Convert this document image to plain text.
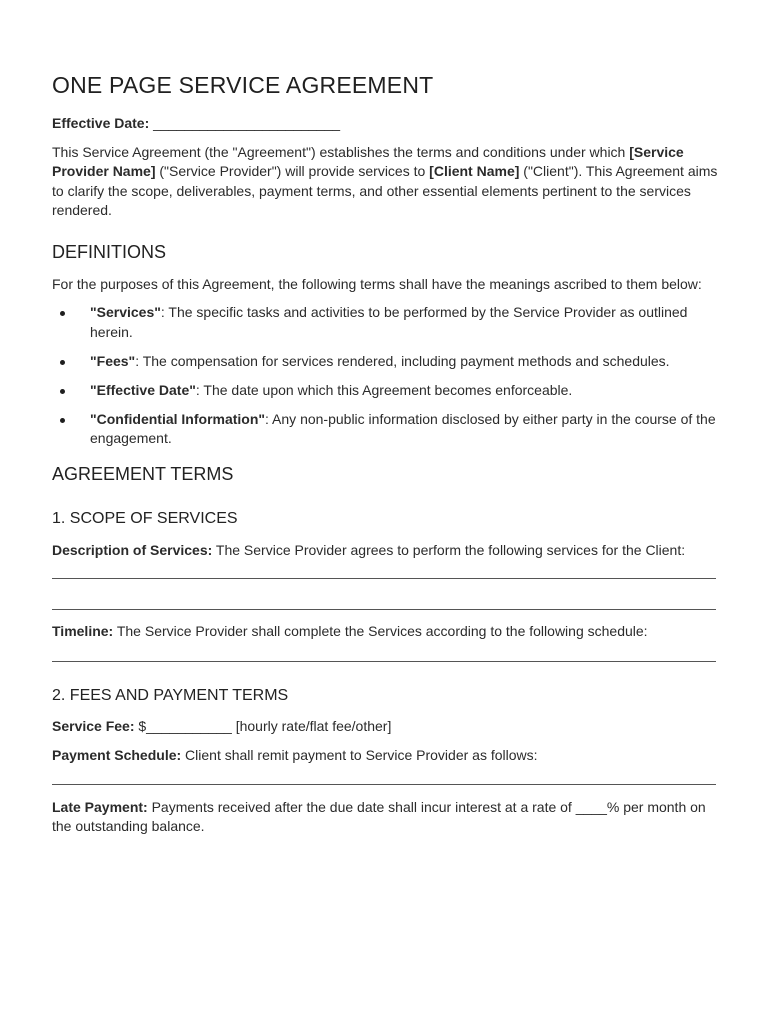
ONE PAGE SERVICE AGREEMENT

Effective Date: ________________________

This Service Agreement (the "Agreement") establishes the terms and conditions under which [Service Provider Name] ("Service Provider") will provide services to [Client Name] ("Client"). This Agreement aims to clarify the scope, deliverables, payment terms, and other essential elements pertinent to the services rendered.

DEFINITIONS

For the purposes of this Agreement, the following terms shall have the meanings ascribed to them below:

"Services": The specific tasks and activities to be performed by the Service Provider as outlined herein.
"Fees": The compensation for services rendered, including payment methods and schedules.
"Effective Date": The date upon which this Agreement becomes enforceable.
"Confidential Information": Any non-public information disclosed by either party in the course of the engagement.
AGREEMENT TERMS
1. SCOPE OF SERVICES

Description of Services: The Service Provider agrees to perform the following services for the Client:

Timeline: The Service Provider shall complete the Services according to the following schedule:

2. FEES AND PAYMENT TERMS

Service Fee: $___________ [hourly rate/flat fee/other]

Payment Schedule: Client shall remit payment to Service Provider as follows:

Late Payment: Payments received after the due date shall incur interest at a rate of ____% per month on the outstanding balance.
